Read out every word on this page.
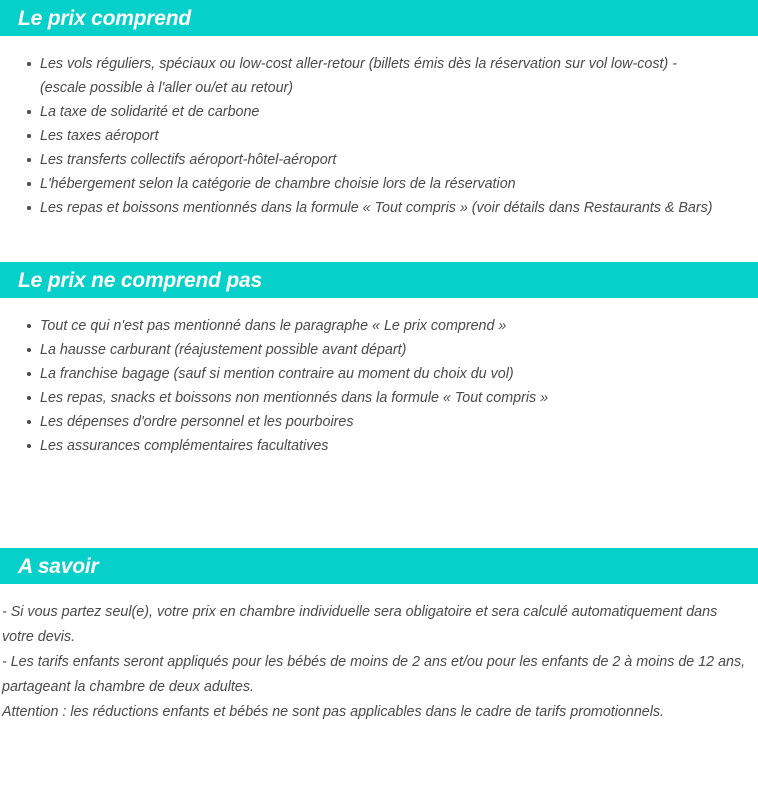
Le prix comprend
Les vols réguliers, spéciaux ou low-cost aller-retour (billets émis dès la réservation sur vol low-cost) - (escale possible à l'aller ou/et au retour)
La taxe de solidarité et de carbone
Les taxes aéroport
Les transferts collectifs aéroport-hôtel-aéroport
L'hébergement selon la catégorie de chambre choisie lors de la réservation
Les repas et boissons mentionnés dans la formule « Tout compris » (voir détails dans Restaurants & Bars)
Le prix ne comprend pas
Tout ce qui n'est pas mentionné dans le paragraphe « Le prix comprend »
La hausse carburant (réajustement possible avant départ)
La franchise bagage (sauf si mention contraire au moment du choix du vol)
Les repas, snacks et boissons non mentionnés dans la formule « Tout compris »
Les dépenses d'ordre personnel et les pourboires
Les assurances complémentaires facultatives
A savoir

- Si vous partez seul(e), votre prix en chambre individuelle sera obligatoire et sera calculé automatiquement dans votre devis.

- Les tarifs enfants seront appliqués pour les bébés de moins de 2 ans et/ou pour les enfants de 2 à moins de 12 ans, partageant la chambre de deux adultes.

Attention : les réductions enfants et bébés ne sont pas applicables dans le cadre de tarifs promotionnels.
